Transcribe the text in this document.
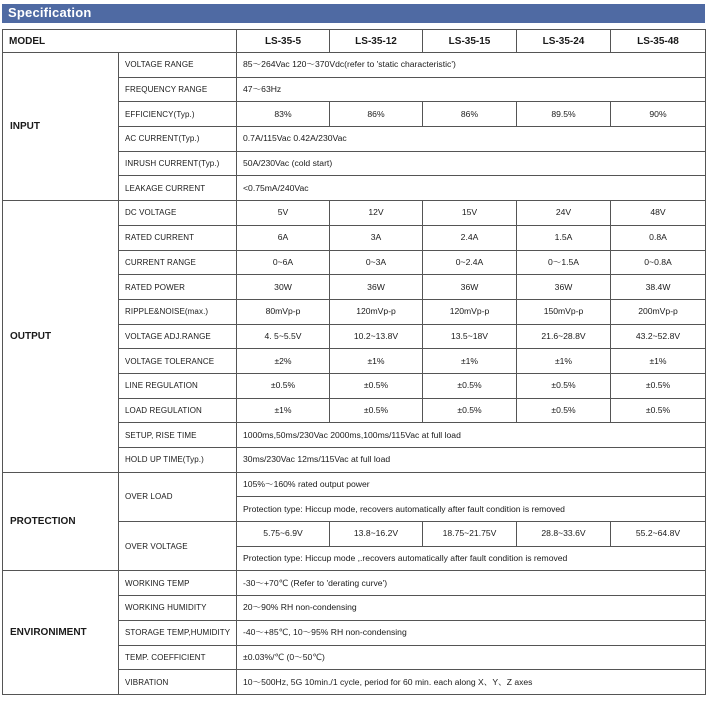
Specification
MODEL		LS-35-5	LS-35-12	LS-35-15	LS-35-24	LS-35-48
INPUT	VOLTAGE RANGE	85～264Vac 120～370Vdc(refer to 'static characteristic')				
	FREQUENCY RANGE	47～63Hz				
	EFFICIENCY(Typ.)	83%	86%	86%	89.5%	90%
	AC CURRENT(Typ.)	0.7A/115Vac 0.42A/230Vac				
	INRUSH CURRENT(Typ.)	50A/230Vac (cold start)				
	LEAKAGE CURRENT	<0.75mA/240Vac				
OUTPUT	DC VOLTAGE	5V	12V	15V	24V	48V
	RATED CURRENT	6A	3A	2.4A	1.5A	0.8A
	CURRENT RANGE	0~6A	0~3A	0~2.4A	0～1.5A	0~0.8A
	RATED POWER	30W	36W	36W	36W	38.4W
	RIPPLE&NOISE(max.)	80mVp-p	120mVp-p	120mVp-p	150mVp-p	200mVp-p
	VOLTAGE ADJ.RANGE	4. 5~5.5V	10.2~13.8V	13.5~18V	21.6~28.8V	43.2~52.8V
	VOLTAGE TOLERANCE	±2%	±1%	±1%	±1%	±1%
	LINE REGULATION	±0.5%	±0.5%	±0.5%	±0.5%	±0.5%
	LOAD REGULATION	±1%	±0.5%	±0.5%	±0.5%	±0.5%
	SETUP, RISE TIME	1000ms,50ms/230Vac 2000ms,100ms/115Vac at full load				
	HOLD UP TIME(Typ.)	30ms/230Vac 12ms/115Vac at full load				
PROTECTION	OVER LOAD	105%～160% rated output power				
		Protection type: Hiccup mode, recovers automatically after fault condition is removed				
	OVER VOLTAGE	5.75~6.9V	13.8~16.2V	18.75~21.75V	28.8~33.6V	55.2~64.8V
		Protection type: Hiccup mode ,.recovers automatically after fault condition is removed				
ENVIRONIMENT	WORKING TEMP	-30～+70℃ (Refer to 'derating curve')				
	WORKING HUMIDITY	20～90% RH non-condensing				
	STORAGE TEMP,HUMIDITY	-40～+85℃, 10～95% RH non-condensing				
	TEMP. COEFFICIENT	±0.03%/℃ (0～50℃)				
	VIBRATION	10～500Hz, 5G 10min./1 cycle, period for 60 min. each along X、Y、Z axes				
